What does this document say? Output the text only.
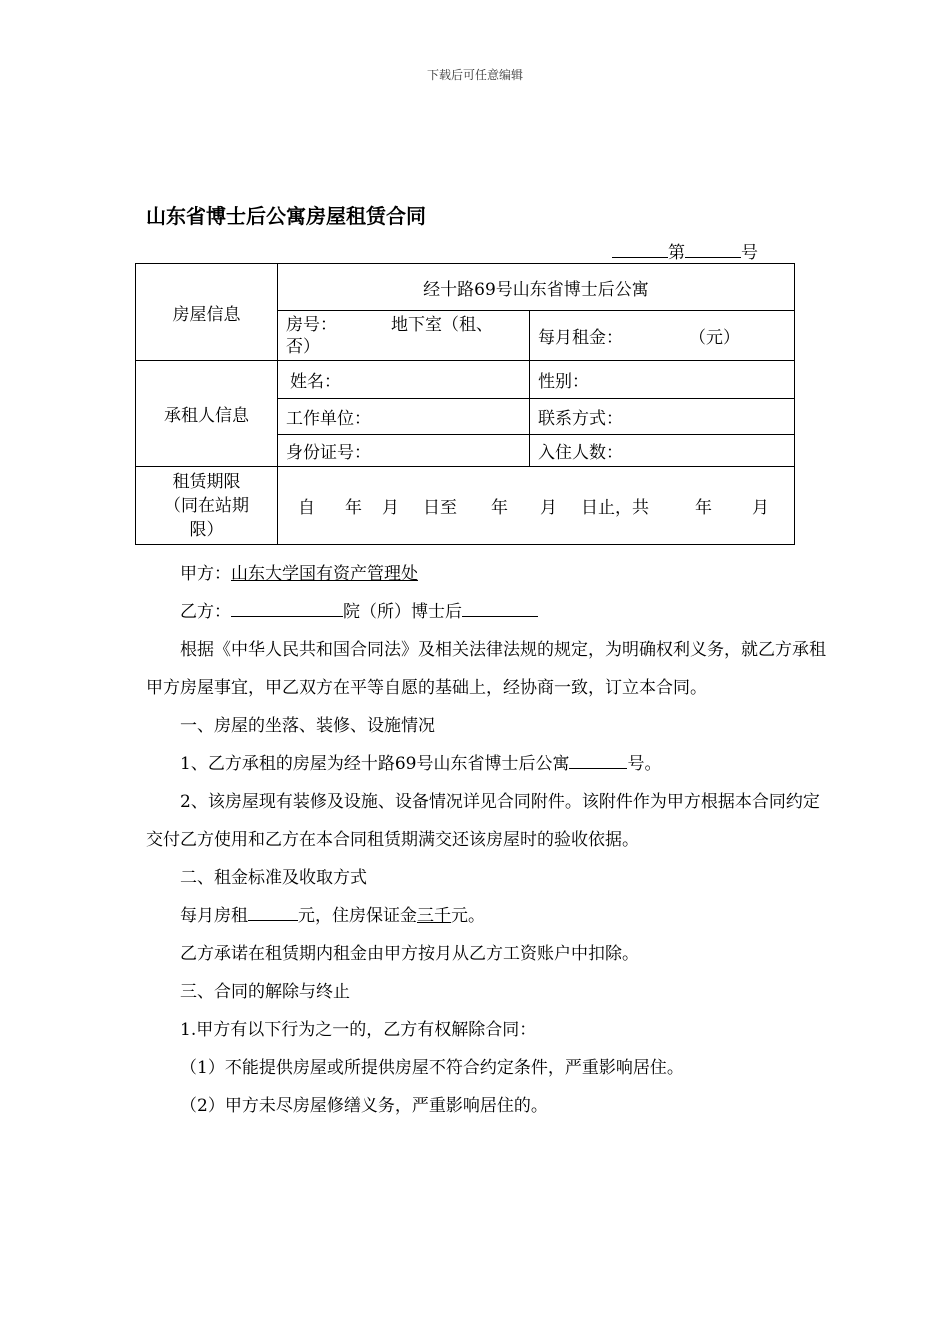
下载后可任意编辑
山东省博士后公寓房屋租赁合同
第	号
房屋信息	经十路69号山东省博士后公寓	
	房号： 地下室（租、
否）	每月租金： （元）
承租人信息	姓名：	性别：
	工作单位：	联系方式：
	身份证号：	入住人数：
租赁期限
（同在站期
限）	自 年 月 日至 年 月 日止，共 年 月	

甲方：山东大学国有资产管理处

乙方：	院（所）博士后

根据《中华人民共和国合同法》及相关法律法规的规定，为明确权利义务，就乙方承租甲方房屋事宜，甲乙双方在平等自愿的基础上，经协商一致，订立本合同。

一、房屋的坐落、装修、设施情况

1、乙方承租的房屋为经十路69号山东省博士后公寓	号。

2、该房屋现有装修及设施、设备情况详见合同附件。该附件作为甲方根据本合同约定交付乙方使用和乙方在本合同租赁期满交还该房屋时的验收依据。

二、租金标准及收取方式

每月房租	元，住房保证金三千元。

乙方承诺在租赁期内租金由甲方按月从乙方工资账户中扣除。

三、合同的解除与终止

1.甲方有以下行为之一的，乙方有权解除合同：

（1）不能提供房屋或所提供房屋不符合约定条件，严重影响居住。

（2）甲方未尽房屋修缮义务，严重影响居住的。
